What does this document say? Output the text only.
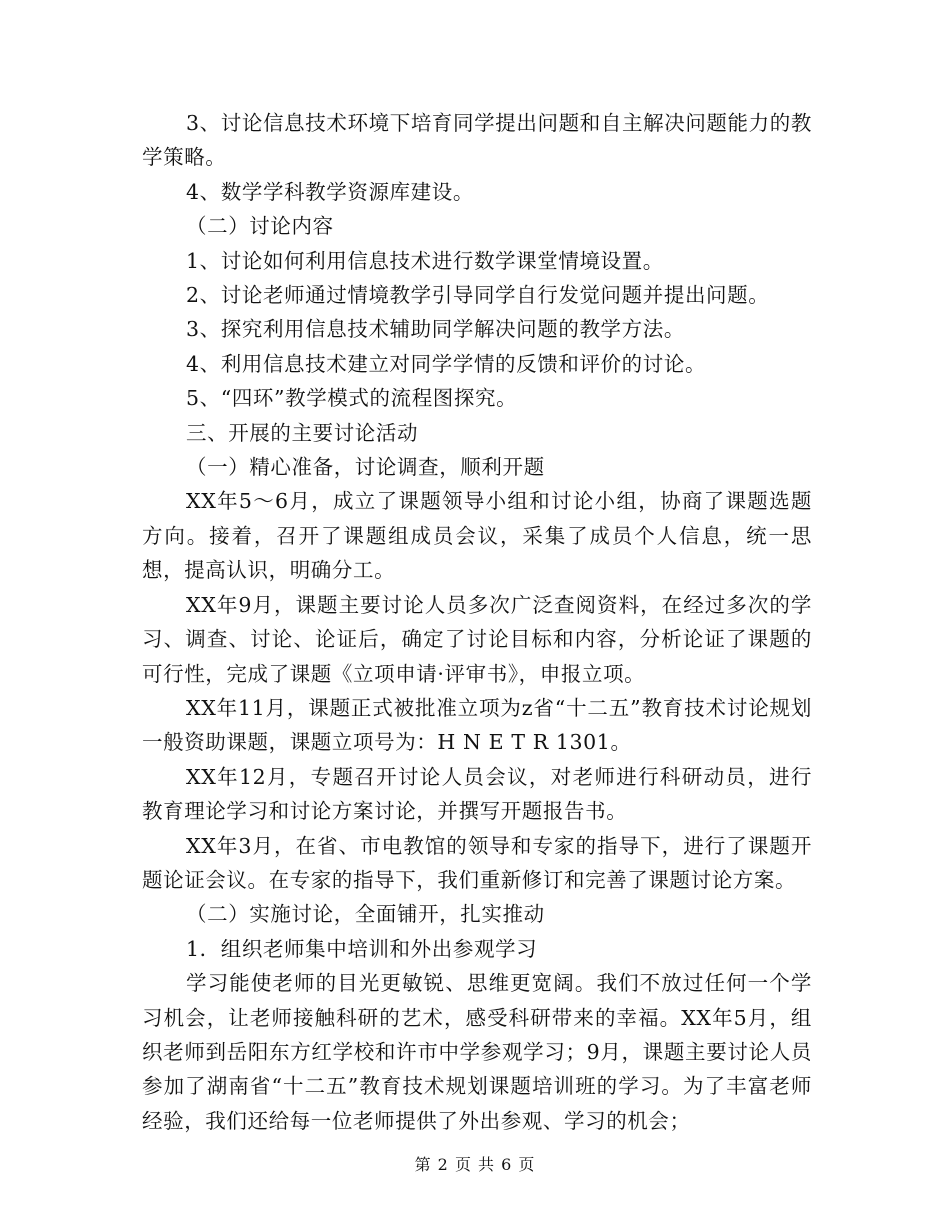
3、讨论信息技术环境下培育同学提出问题和自主解决问题能力的教学策略。

4、数学学科教学资源库建设。

（二）讨论内容

1、讨论如何利用信息技术进行数学课堂情境设置。

2、讨论老师通过情境教学引导同学自行发觉问题并提出问题。

3、探究利用信息技术辅助同学解决问题的教学方法。

4、利用信息技术建立对同学学情的反馈和评价的讨论。

5、“四环”教学模式的流程图探究。

三、开展的主要讨论活动

（一）精心准备，讨论调查，顺利开题

XX年5～6月，成立了课题领导小组和讨论小组，协商了课题选题方向。接着，召开了课题组成员会议，采集了成员个人信息，统一思想，提高认识，明确分工。

XX年9月，课题主要讨论人员多次广泛查阅资料，在经过多次的学习、调查、讨论、论证后，确定了讨论目标和内容，分析论证了课题的可行性，完成了课题《立项申请·评审书》，申报立项。

XX年11月，课题正式被批准立项为z省“十二五”教育技术讨论规划一般资助课题，课题立项号为：H N E T R 1301。

XX年12月，专题召开讨论人员会议，对老师进行科研动员，进行教育理论学习和讨论方案讨论，并撰写开题报告书。

XX年3月，在省、市电教馆的领导和专家的指导下，进行了课题开题论证会议。在专家的指导下，我们重新修订和完善了课题讨论方案。

（二）实施讨论，全面铺开，扎实推动

1．组织老师集中培训和外出参观学习

学习能使老师的目光更敏锐、思维更宽阔。我们不放过任何一个学习机会，让老师接触科研的艺术，感受科研带来的幸福。XX年5月，组织老师到岳阳东方红学校和许市中学参观学习；9月，课题主要讨论人员参加了湖南省“十二五”教育技术规划课题培训班的学习。为了丰富老师经验，我们还给每一位老师提供了外出参观、学习的机会；

第 2 页 共 6 页
